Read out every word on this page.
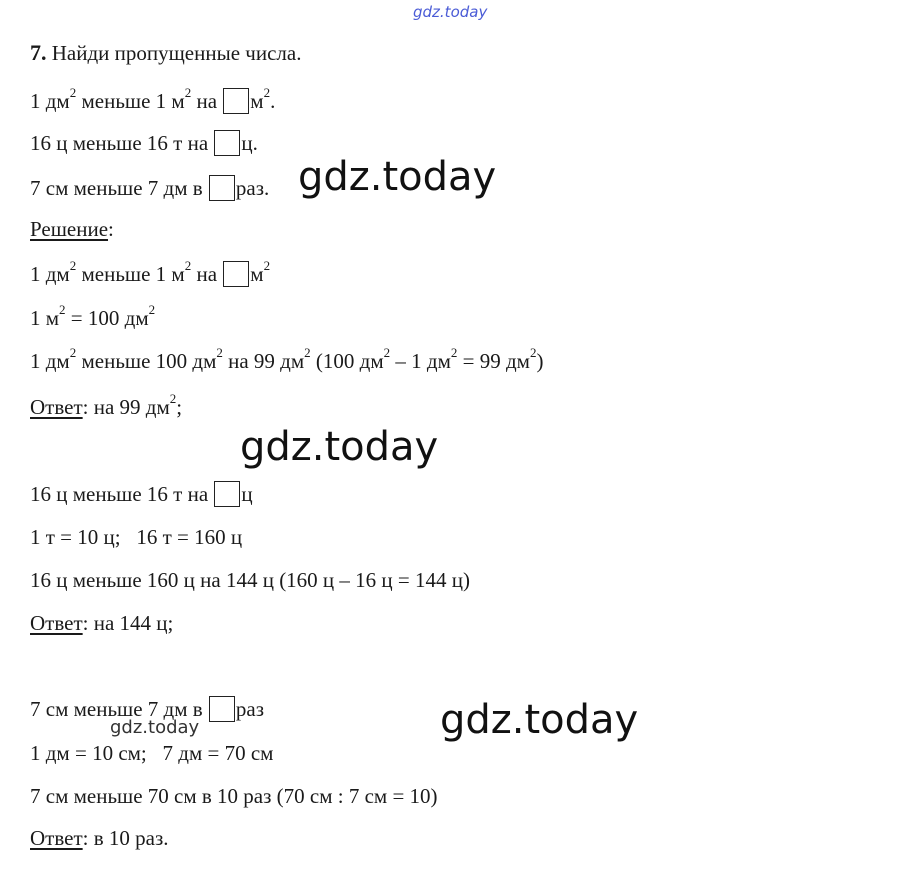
gdz.today
gdz.today
gdz.today
gdz.today
gdz.today
7. Найди пропущенные числа.
1 $дм^2$ меньше 1 $м^2$ на $м^2$.
16 ц меньше 16 т на ц.
7 см меньше 7 дм в раз.
Решение:
1 $дм^2$ меньше 1 $м^2$ на $м^2$
1 $м^2 = 100$ $дм^2$
1 $дм^2$ меньше 100 $дм^2$ на 99 $дм^2$ (100 $дм^2 - 1$ $дм^2 = 99$ $дм^2$)
Ответ: на 99 $дм^2$;
16 ц меньше 16 т на ц
1 т = 10 ц;   16 т = 160 ц
16 ц меньше 160 ц на 144 ц (160 ц – 16 ц = 144 ц)
Ответ: на 144 ц;
7 см меньше 7 дм в раз
1 дм = 10 см;   7 дм = 70 см
7 см меньше 70 см в 10 раз (70 см : 7 см = 10)
Ответ: в 10 раз.
